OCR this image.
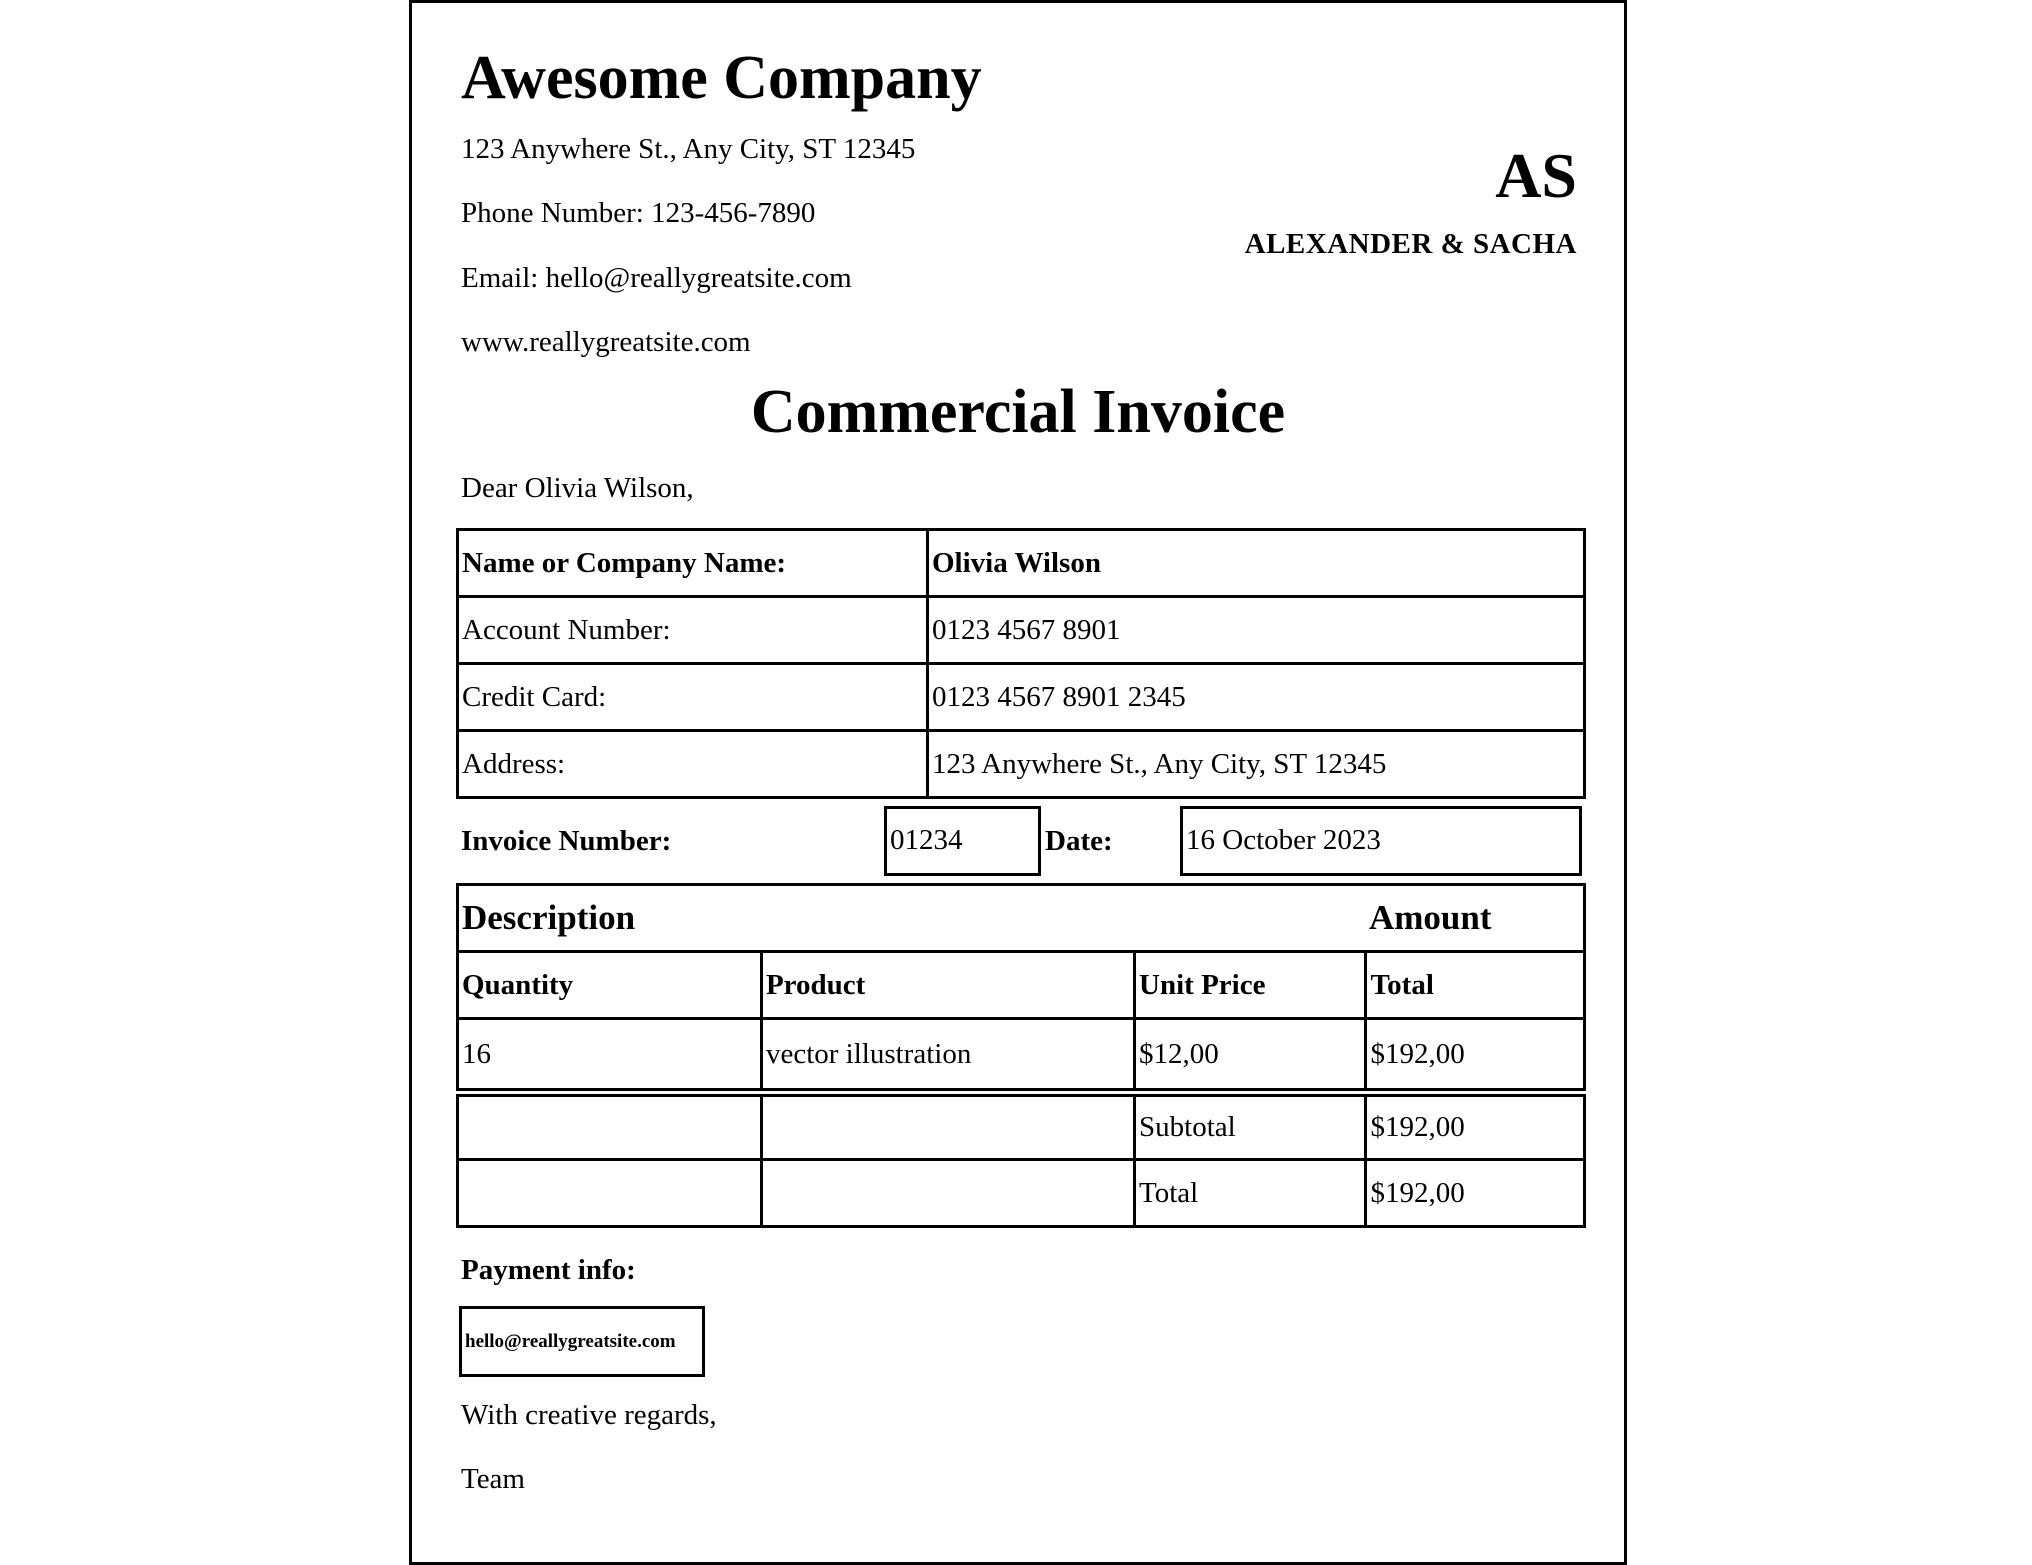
Awesome Company
123 Anywhere St., Any City, ST 12345
Phone Number: 123-456-7890
Email: hello@reallygreatsite.com
www.reallygreatsite.com
AS
ALEXANDER & SACHA
Commercial Invoice
Dear Olivia Wilson,
Name or Company Name:	Olivia Wilson
Account Number:	0123 4567 8901
Credit Card:	0123 4567 8901 2345
Address:	123 Anywhere St., Any City, ST 12345
Invoice Number:	01234	Date:	16 October 2023
Description			Amount
Quantity	Product	Unit Price	Total
16	vector illustration	$12,00	$192,00
		Subtotal	$192,00
		Total	$192,00
Payment info:
hello@reallygreatsite.com
With creative regards,
Team
